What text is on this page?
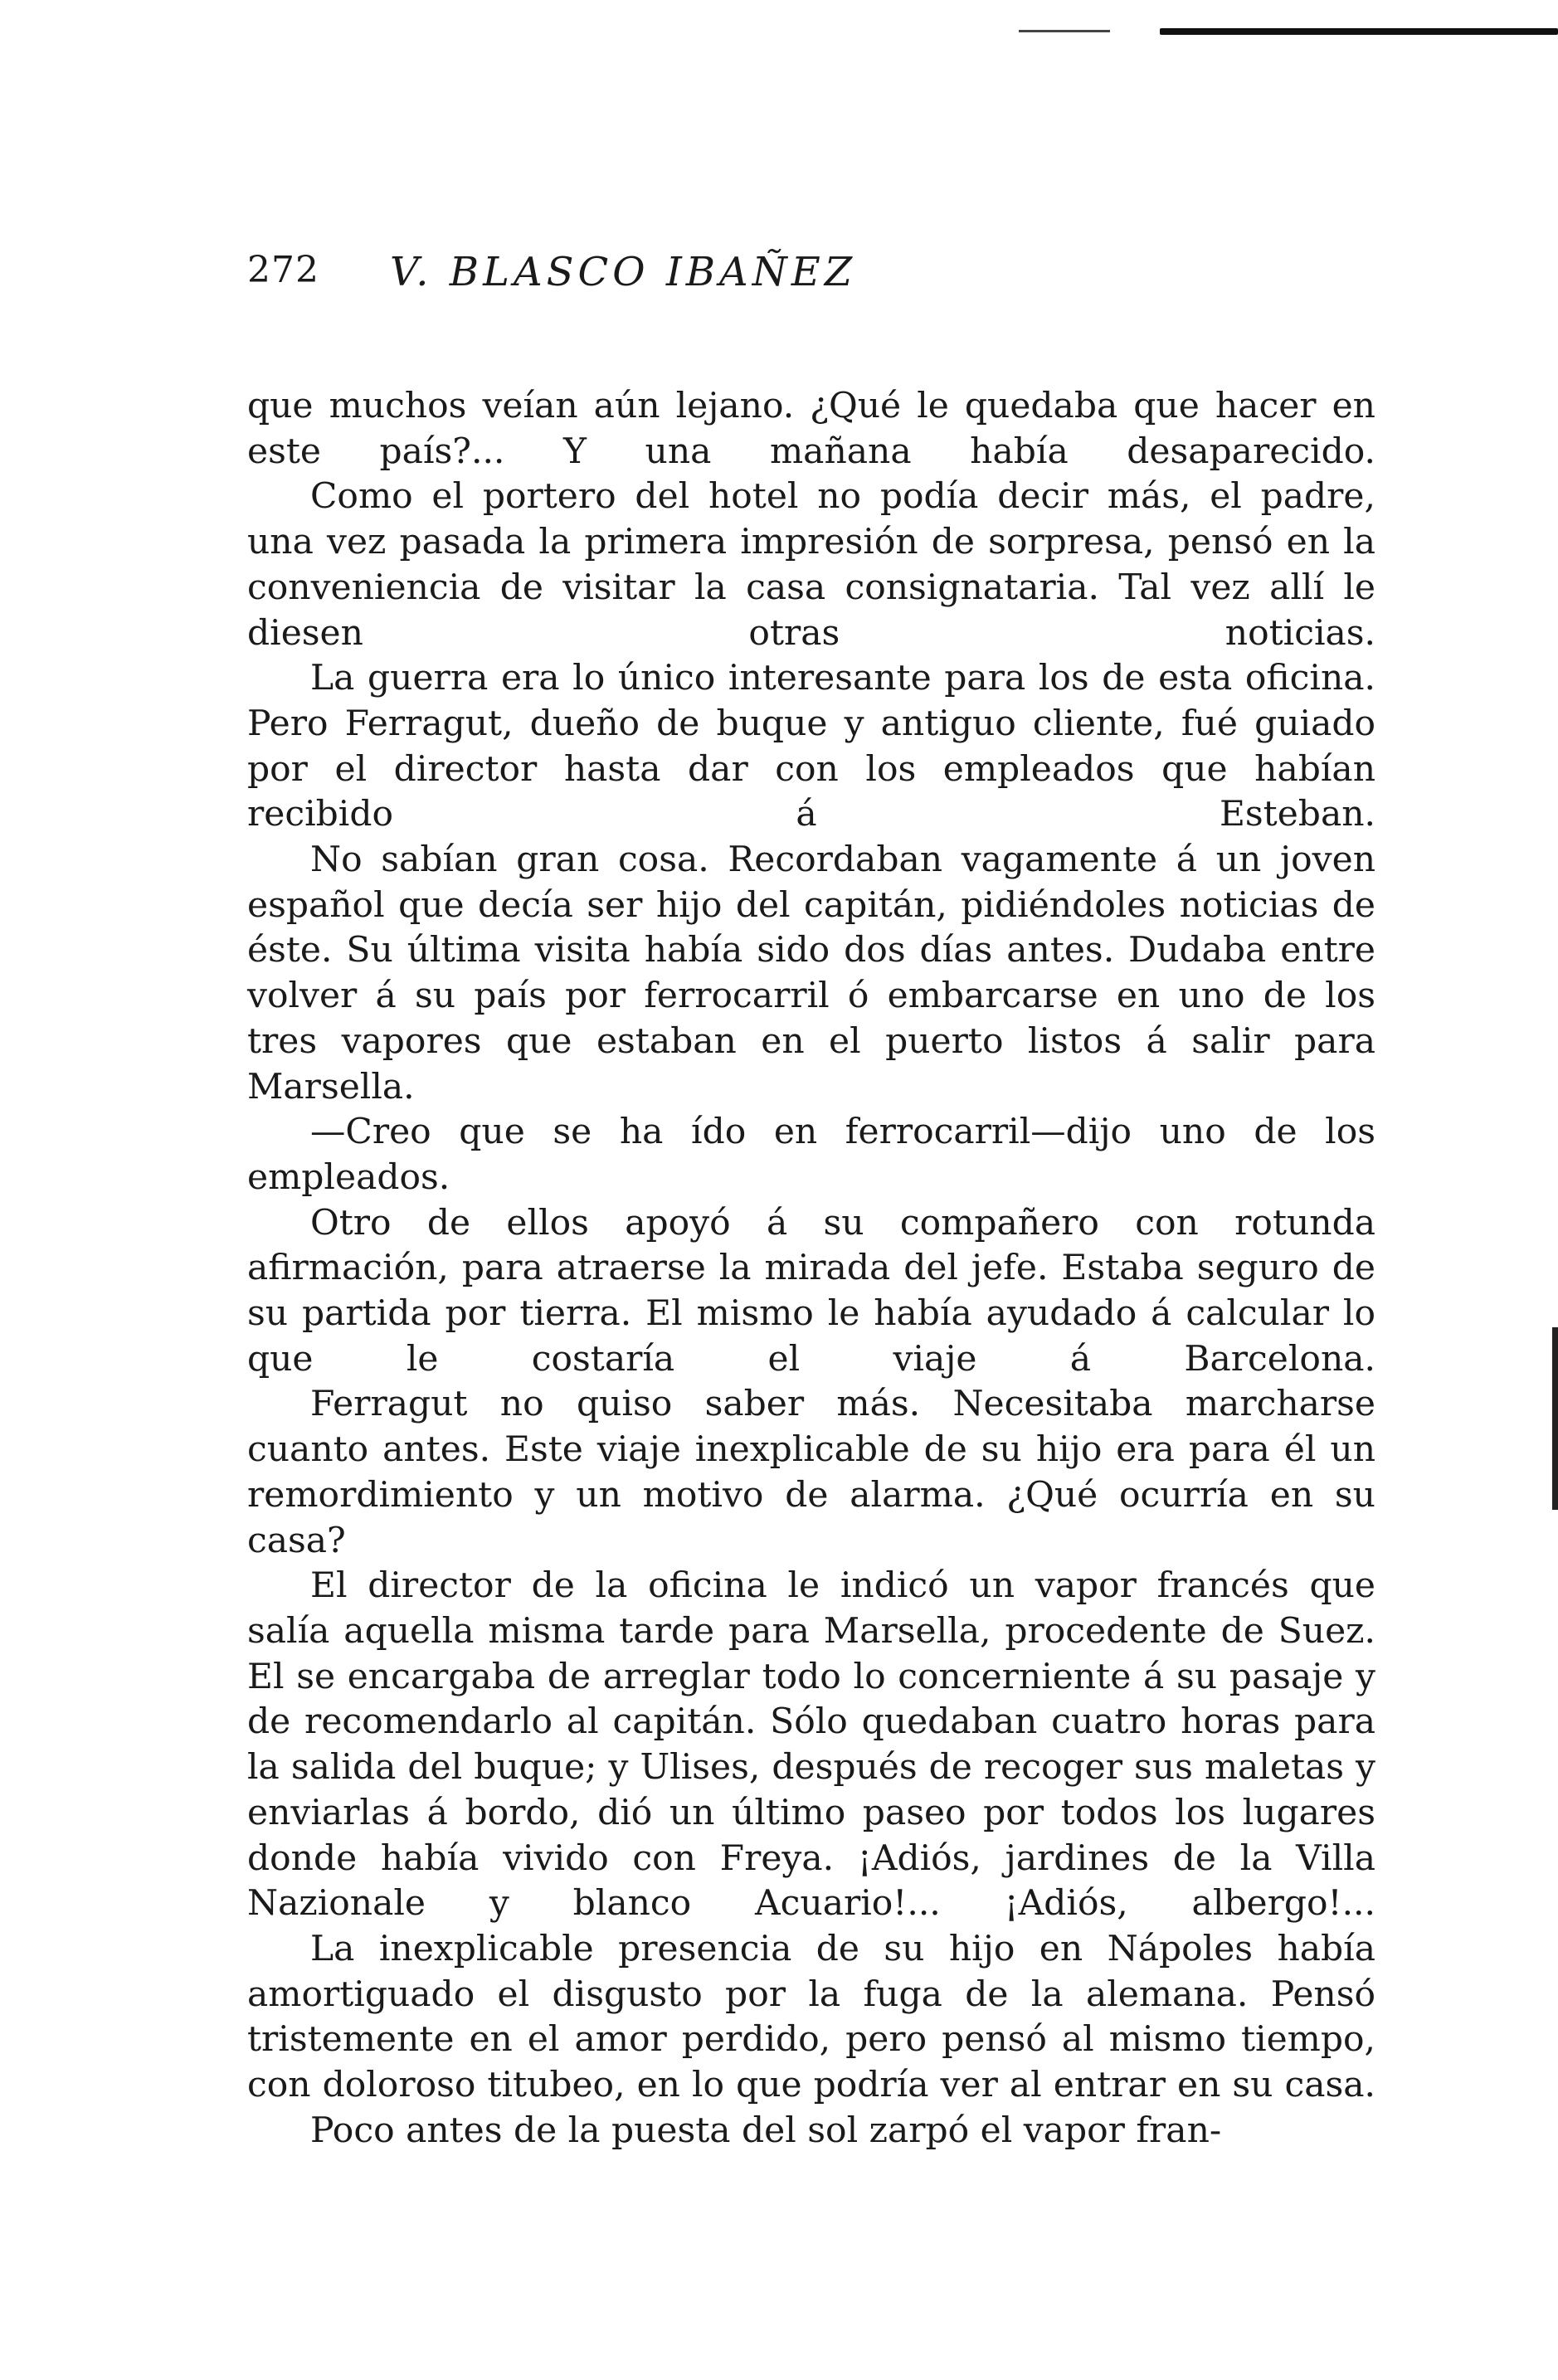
272 V. BLASCO IBAÑEZ

que muchos veían aún lejano. ¿Qué le quedaba que hacer en este país?... Y una mañana había desaparecido.

Como el portero del hotel no podía decir más, el padre, una vez pasada la primera impresión de sorpresa, pensó en la conveniencia de visitar la casa consignataria. Tal vez allí le diesen otras noticias.

La guerra era lo único interesante para los de esta oficina. Pero Ferragut, dueño de buque y antiguo cliente, fué guiado por el director hasta dar con los empleados que habían recibido á Esteban.

No sabían gran cosa. Recordaban vagamente á un joven español que decía ser hijo del capitán, pidiéndoles noticias de éste. Su última visita había sido dos días antes. Dudaba entre volver á su país por ferrocarril ó embarcarse en uno de los tres vapores que estaban en el puerto listos á salir para Marsella.

—Creo que se ha ído en ferrocarril—dijo uno de los empleados.

Otro de ellos apoyó á su compañero con rotunda afirmación, para atraerse la mirada del jefe. Estaba seguro de su partida por tierra. El mismo le había ayudado á calcular lo que le costaría el viaje á Barcelona.

Ferragut no quiso saber más. Necesitaba marcharse cuanto antes. Este viaje inexplicable de su hijo era para él un remordimiento y un motivo de alarma. ¿Qué ocurría en su casa?

El director de la oficina le indicó un vapor francés que salía aquella misma tarde para Marsella, procedente de Suez. El se encargaba de arreglar todo lo concerniente á su pasaje y de recomendarlo al capitán. Sólo quedaban cuatro horas para la salida del buque; y Ulises, después de recoger sus maletas y enviarlas á bordo, dió un último paseo por todos los lugares donde había vivido con Freya. ¡Adiós, jardines de la Villa Nazionale y blanco Acuario!... ¡Adiós, albergo!...

La inexplicable presencia de su hijo en Nápoles había amortiguado el disgusto por la fuga de la alemana. Pensó tristemente en el amor perdido, pero pensó al mismo tiempo, con doloroso titubeo, en lo que podría ver al entrar en su casa.

Poco antes de la puesta del sol zarpó el vapor fran-
